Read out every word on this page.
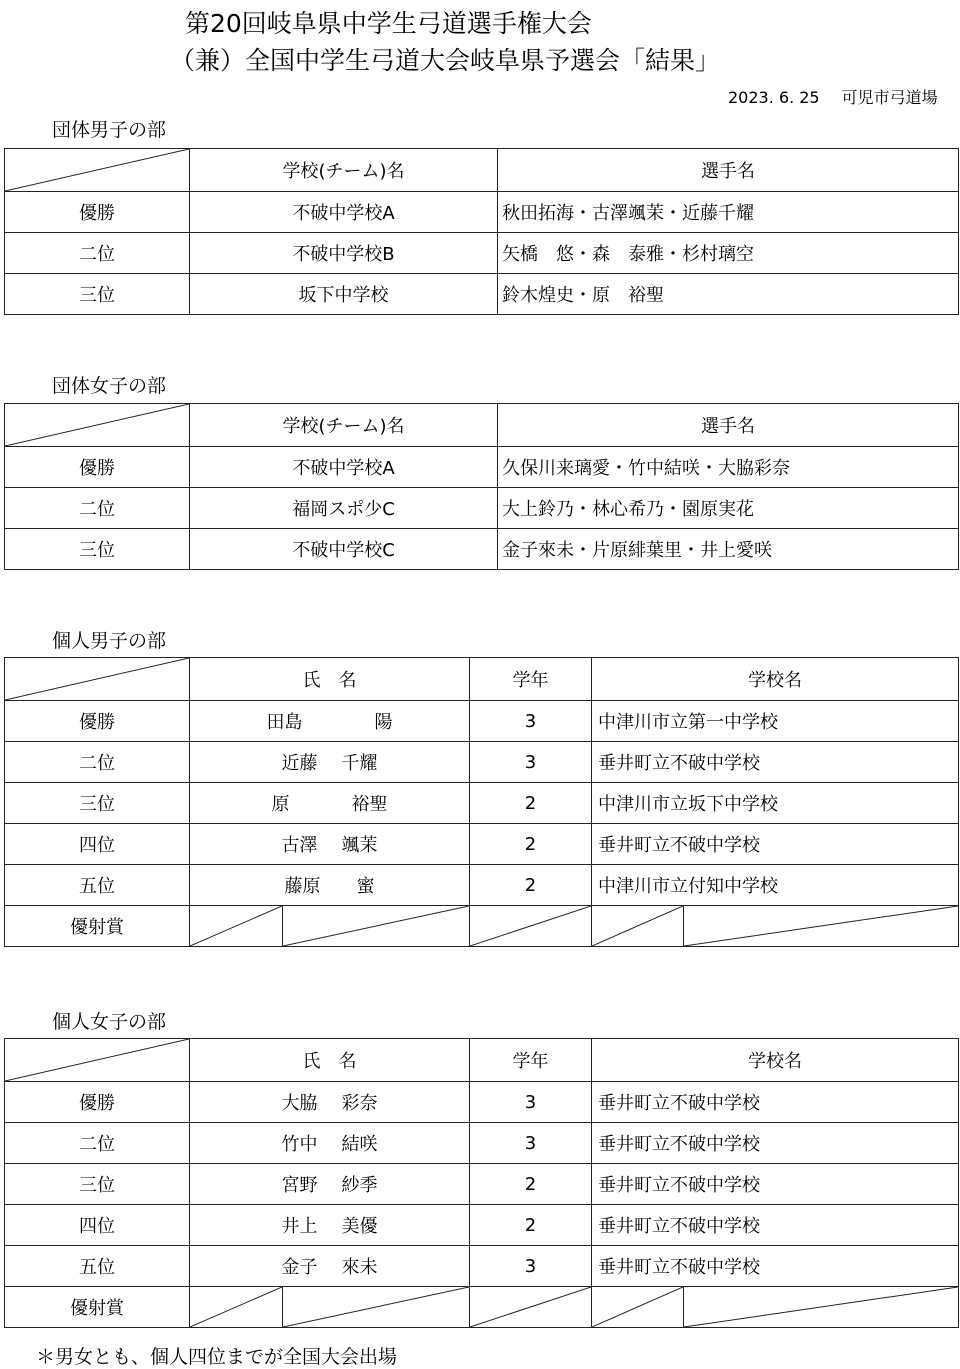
第20回岐阜県中学生弓道選手権大会
（兼）全国中学生弓道大会岐阜県予選会「結果」
2023. 6. 25 可児市弓道場
団体男子の部
	学校(チーム)名	選手名
優勝	不破中学校A	秋田拓海・古澤颯茉・近藤千耀
二位	不破中学校B	矢橋　悠・森　泰雅・杉村璃空
三位	坂下中学校	鈴木煌史・原　裕聖
団体女子の部
	学校(チーム)名	選手名
優勝	不破中学校A	久保川来璃愛・竹中結咲・大脇彩奈
二位	福岡スポ少C	大上鈴乃・林心希乃・園原実花
三位	不破中学校C	金子來未・片原緋葉里・井上愛咲
個人男子の部
	氏　名		学年	学校名	
優勝	田島 陽		3	中津川市立第一中学校	
二位	近藤 千耀		3	垂井町立不破中学校	
三位	原 裕聖		2	中津川市立坂下中学校	
四位	古澤 颯茉		2	垂井町立不破中学校	
五位	藤原 蜜		2	中津川市立付知中学校	
優射賞	

個人女子の部
	氏　名		学年	学校名	
優勝	大脇 彩奈		3	垂井町立不破中学校	
二位	竹中 結咲		3	垂井町立不破中学校	
三位	宮野 紗季		2	垂井町立不破中学校	
四位	井上 美優		2	垂井町立不破中学校	
五位	金子 來未		3	垂井町立不破中学校	
優射賞	

＊男女とも、個人四位までが全国大会出場
